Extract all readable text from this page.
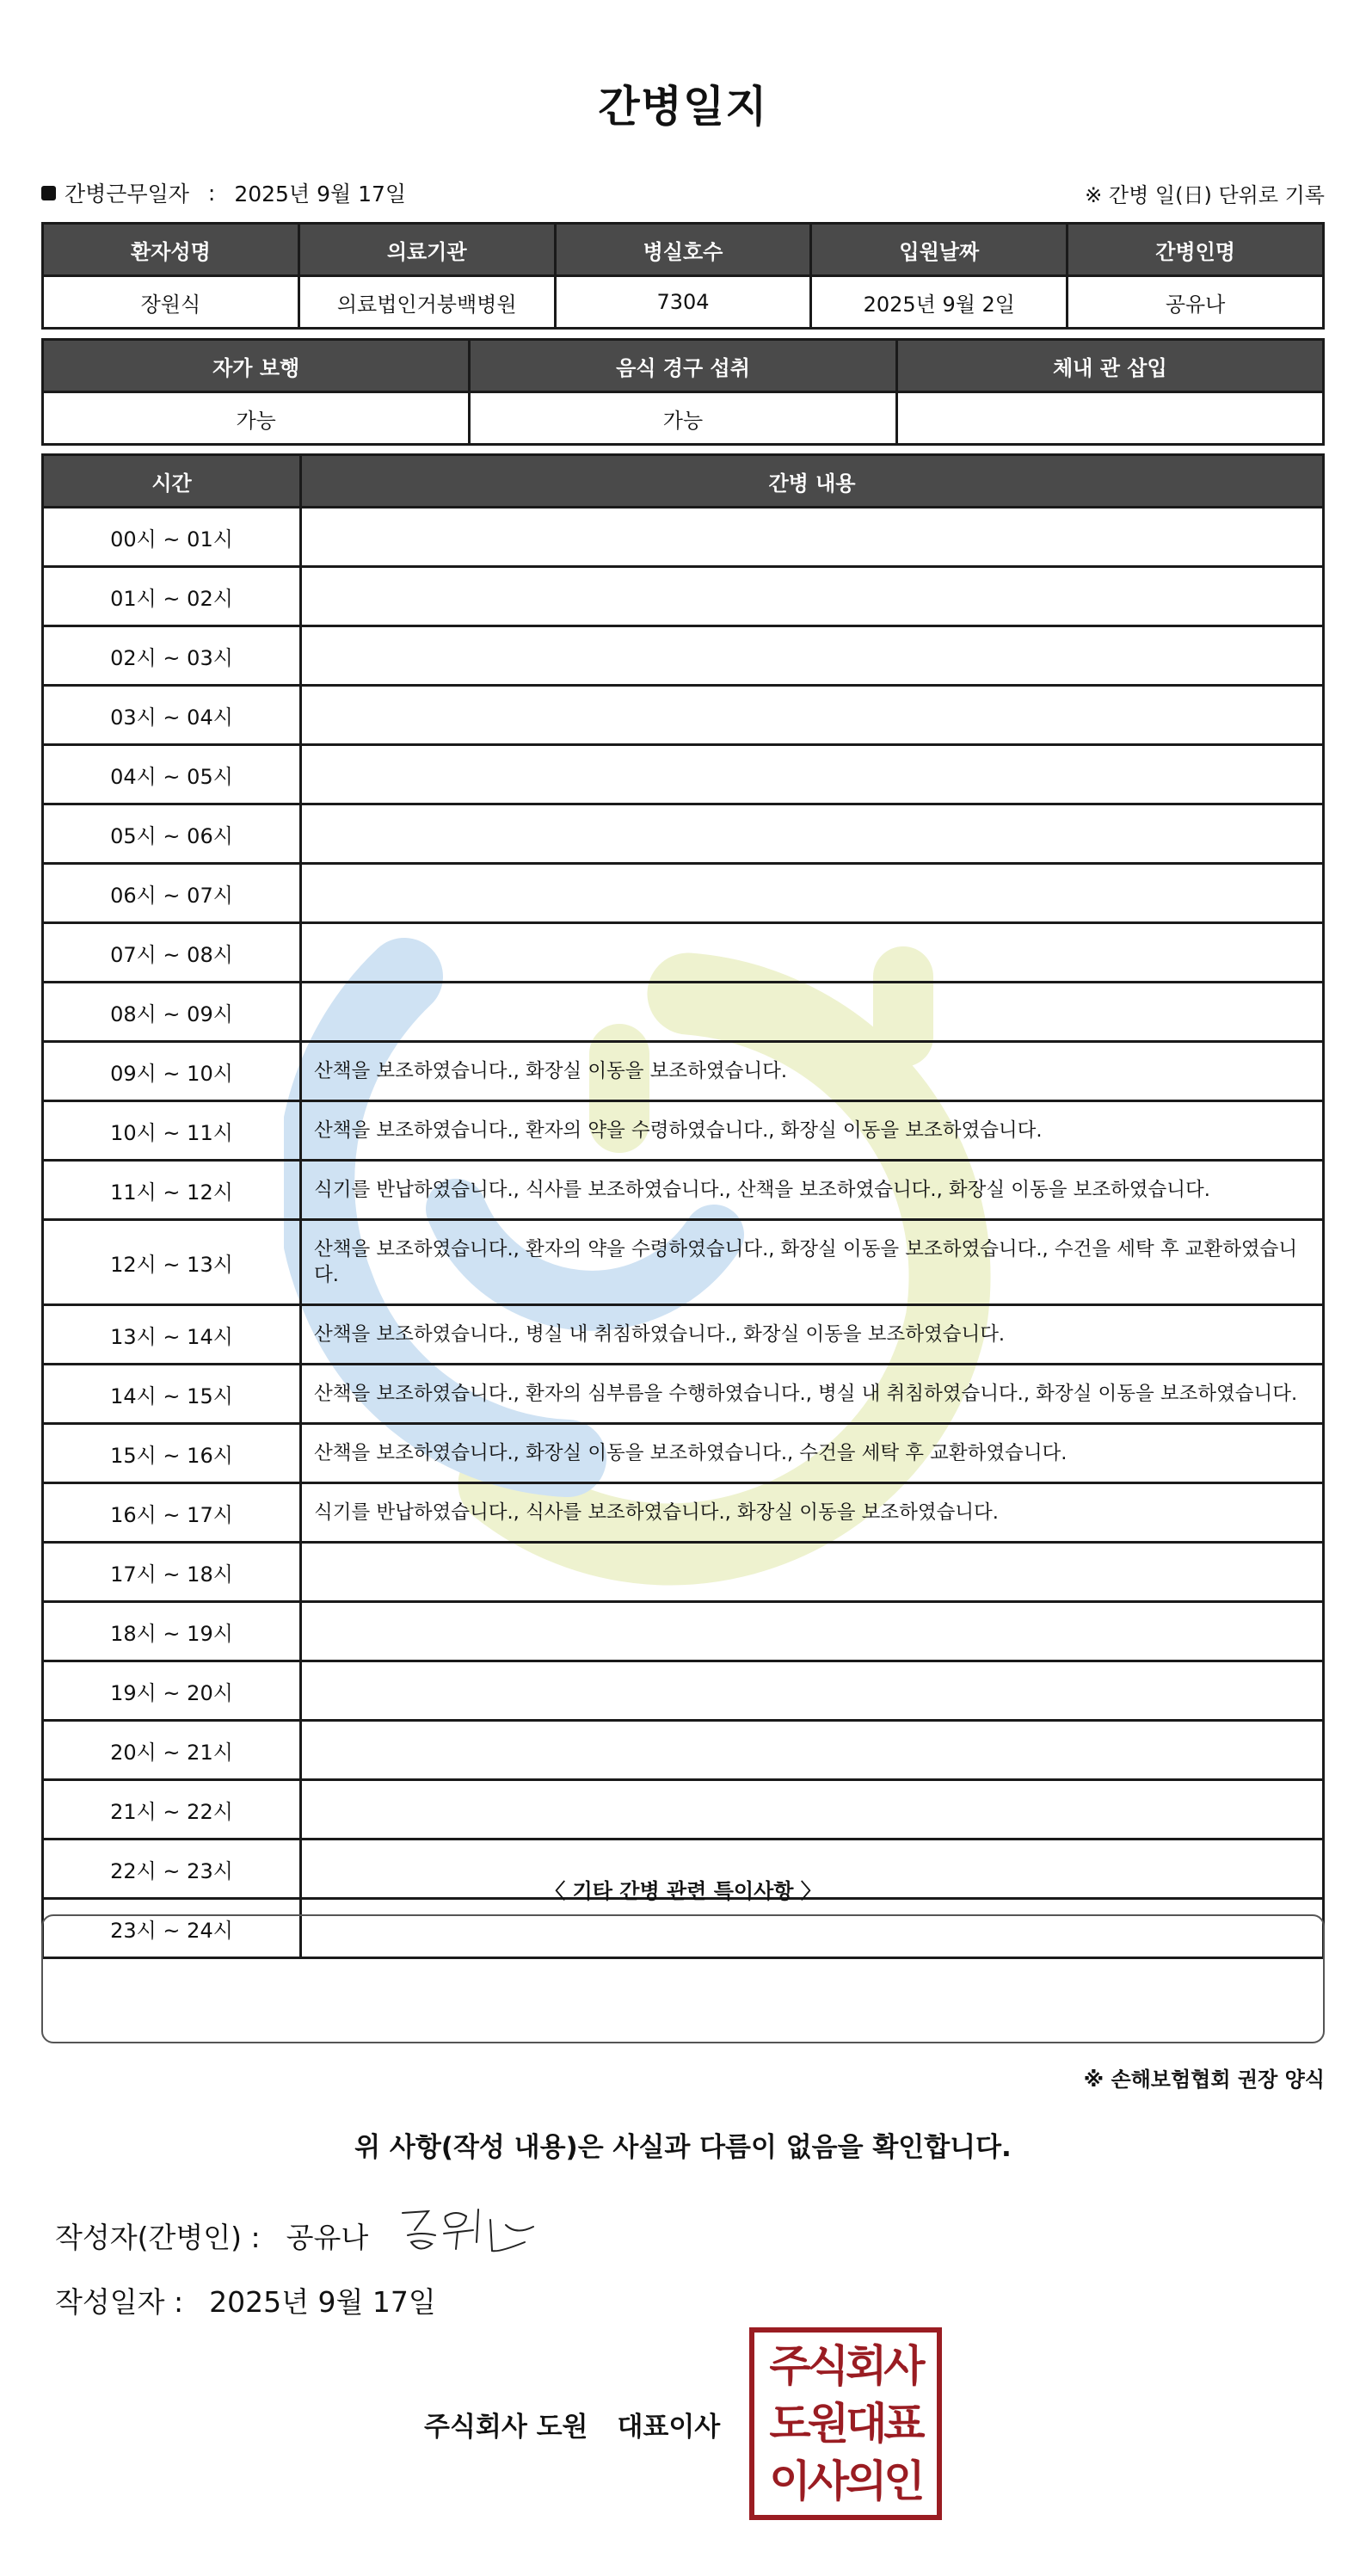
간병일지
간병근무일자 : 2025년 9월 17일	※ 간병 일(日) 단위로 기록
환자성명	의료기관	병실호수	입원날짜	간병인명
장원식	의료법인거붕백병원	7304	2025년 9월 2일	공유나
자가 보행	음식 경구 섭취	체내 관 삽입
가능	가능	
시간	간병 내용
00시 ~ 01시	
01시 ~ 02시	
02시 ~ 03시	
03시 ~ 04시	
04시 ~ 05시	
05시 ~ 06시	
06시 ~ 07시	
07시 ~ 08시	
08시 ~ 09시	
09시 ~ 10시	산책을 보조하였습니다., 화장실 이동을 보조하였습니다.
10시 ~ 11시	산책을 보조하였습니다., 환자의 약을 수령하였습니다., 화장실 이동을 보조하였습니다.
11시 ~ 12시	식기를 반납하였습니다., 식사를 보조하였습니다., 산책을 보조하였습니다., 화장실 이동을 보조하였습니다.
12시 ~ 13시	산책을 보조하였습니다., 환자의 약을 수령하였습니다., 화장실 이동을 보조하였습니다., 수건을 세탁 후 교환하였습니다.
13시 ~ 14시	산책을 보조하였습니다., 병실 내 취침하였습니다., 화장실 이동을 보조하였습니다.
14시 ~ 15시	산책을 보조하였습니다., 환자의 심부름을 수행하였습니다., 병실 내 취침하였습니다., 화장실 이동을 보조하였습니다.
15시 ~ 16시	산책을 보조하였습니다., 화장실 이동을 보조하였습니다., 수건을 세탁 후 교환하였습니다.
16시 ~ 17시	식기를 반납하였습니다., 식사를 보조하였습니다., 화장실 이동을 보조하였습니다.
17시 ~ 18시	
18시 ~ 19시	
19시 ~ 20시	
20시 ~ 21시	
21시 ~ 22시	
22시 ~ 23시	
23시 ~ 24시	
〈 기타 간병 관련 특이사항 〉
※ 손해보험협회 권장 양식
위 사항(작성 내용)은 사실과 다름이 없음을 확인합니다.
작성자(간병인) : 공유나
작성일자 : 2025년 9월 17일
주식회사 도원 대표이사
주식회사
도원대표
이사의인
